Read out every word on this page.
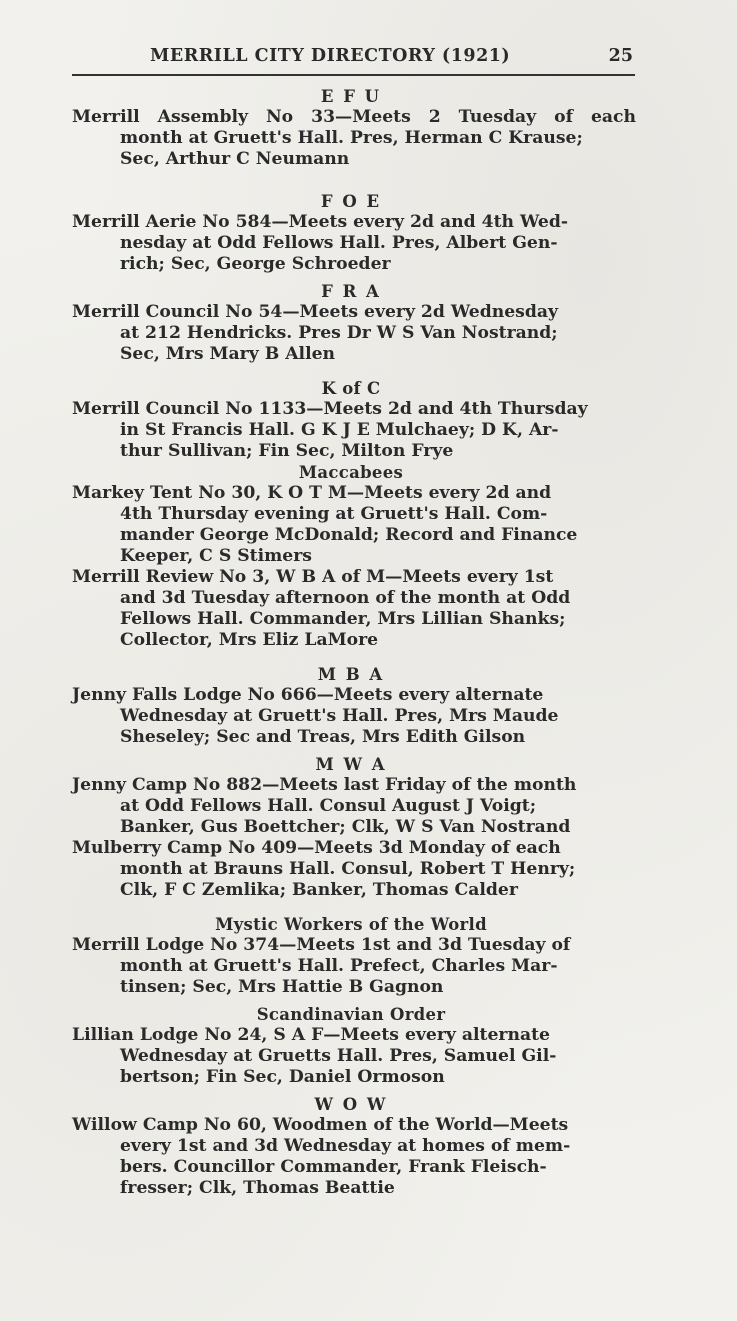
MERRILL CITY DIRECTORY (1921)	25
E F U
Merrill Assembly No 33—Meets 2 Tuesday of each
month at Gruett's Hall. Pres, Herman C Krause;
Sec, Arthur C Neumann
F O E
Merrill Aerie No 584—Meets every 2d and 4th Wed-
nesday at Odd Fellows Hall. Pres, Albert Gen-
rich; Sec, George Schroeder
F R A
Merrill Council No 54—Meets every 2d Wednesday
at 212 Hendricks. Pres Dr W S Van Nostrand;
Sec, Mrs Mary B Allen
K of C
Merrill Council No 1133—Meets 2d and 4th Thursday
in St Francis Hall. G K J E Mulchaey; D K, Ar-
thur Sullivan; Fin Sec, Milton Frye
Maccabees
Markey Tent No 30, K O T M—Meets every 2d and
4th Thursday evening at Gruett's Hall. Com-
mander George McDonald; Record and Finance
Keeper, C S Stimers
Merrill Review No 3, W B A of M—Meets every 1st
and 3d Tuesday afternoon of the month at Odd
Fellows Hall. Commander, Mrs Lillian Shanks;
Collector, Mrs Eliz LaMore
M B A
Jenny Falls Lodge No 666—Meets every alternate
Wednesday at Gruett's Hall. Pres, Mrs Maude
Sheseley; Sec and Treas, Mrs Edith Gilson
M W A
Jenny Camp No 882—Meets last Friday of the month
at Odd Fellows Hall. Consul August J Voigt;
Banker, Gus Boettcher; Clk, W S Van Nostrand
Mulberry Camp No 409—Meets 3d Monday of each
month at Brauns Hall. Consul, Robert T Henry;
Clk, F C Zemlika; Banker, Thomas Calder
Mystic Workers of the World
Merrill Lodge No 374—Meets 1st and 3d Tuesday of
month at Gruett's Hall. Prefect, Charles Mar-
tinsen; Sec, Mrs Hattie B Gagnon
Scandinavian Order
Lillian Lodge No 24, S A F—Meets every alternate
Wednesday at Gruetts Hall. Pres, Samuel Gil-
bertson; Fin Sec, Daniel Ormoson
W O W
Willow Camp No 60, Woodmen of the World—Meets
every 1st and 3d Wednesday at homes of mem-
bers. Councillor Commander, Frank Fleisch-
fresser; Clk, Thomas Beattie
